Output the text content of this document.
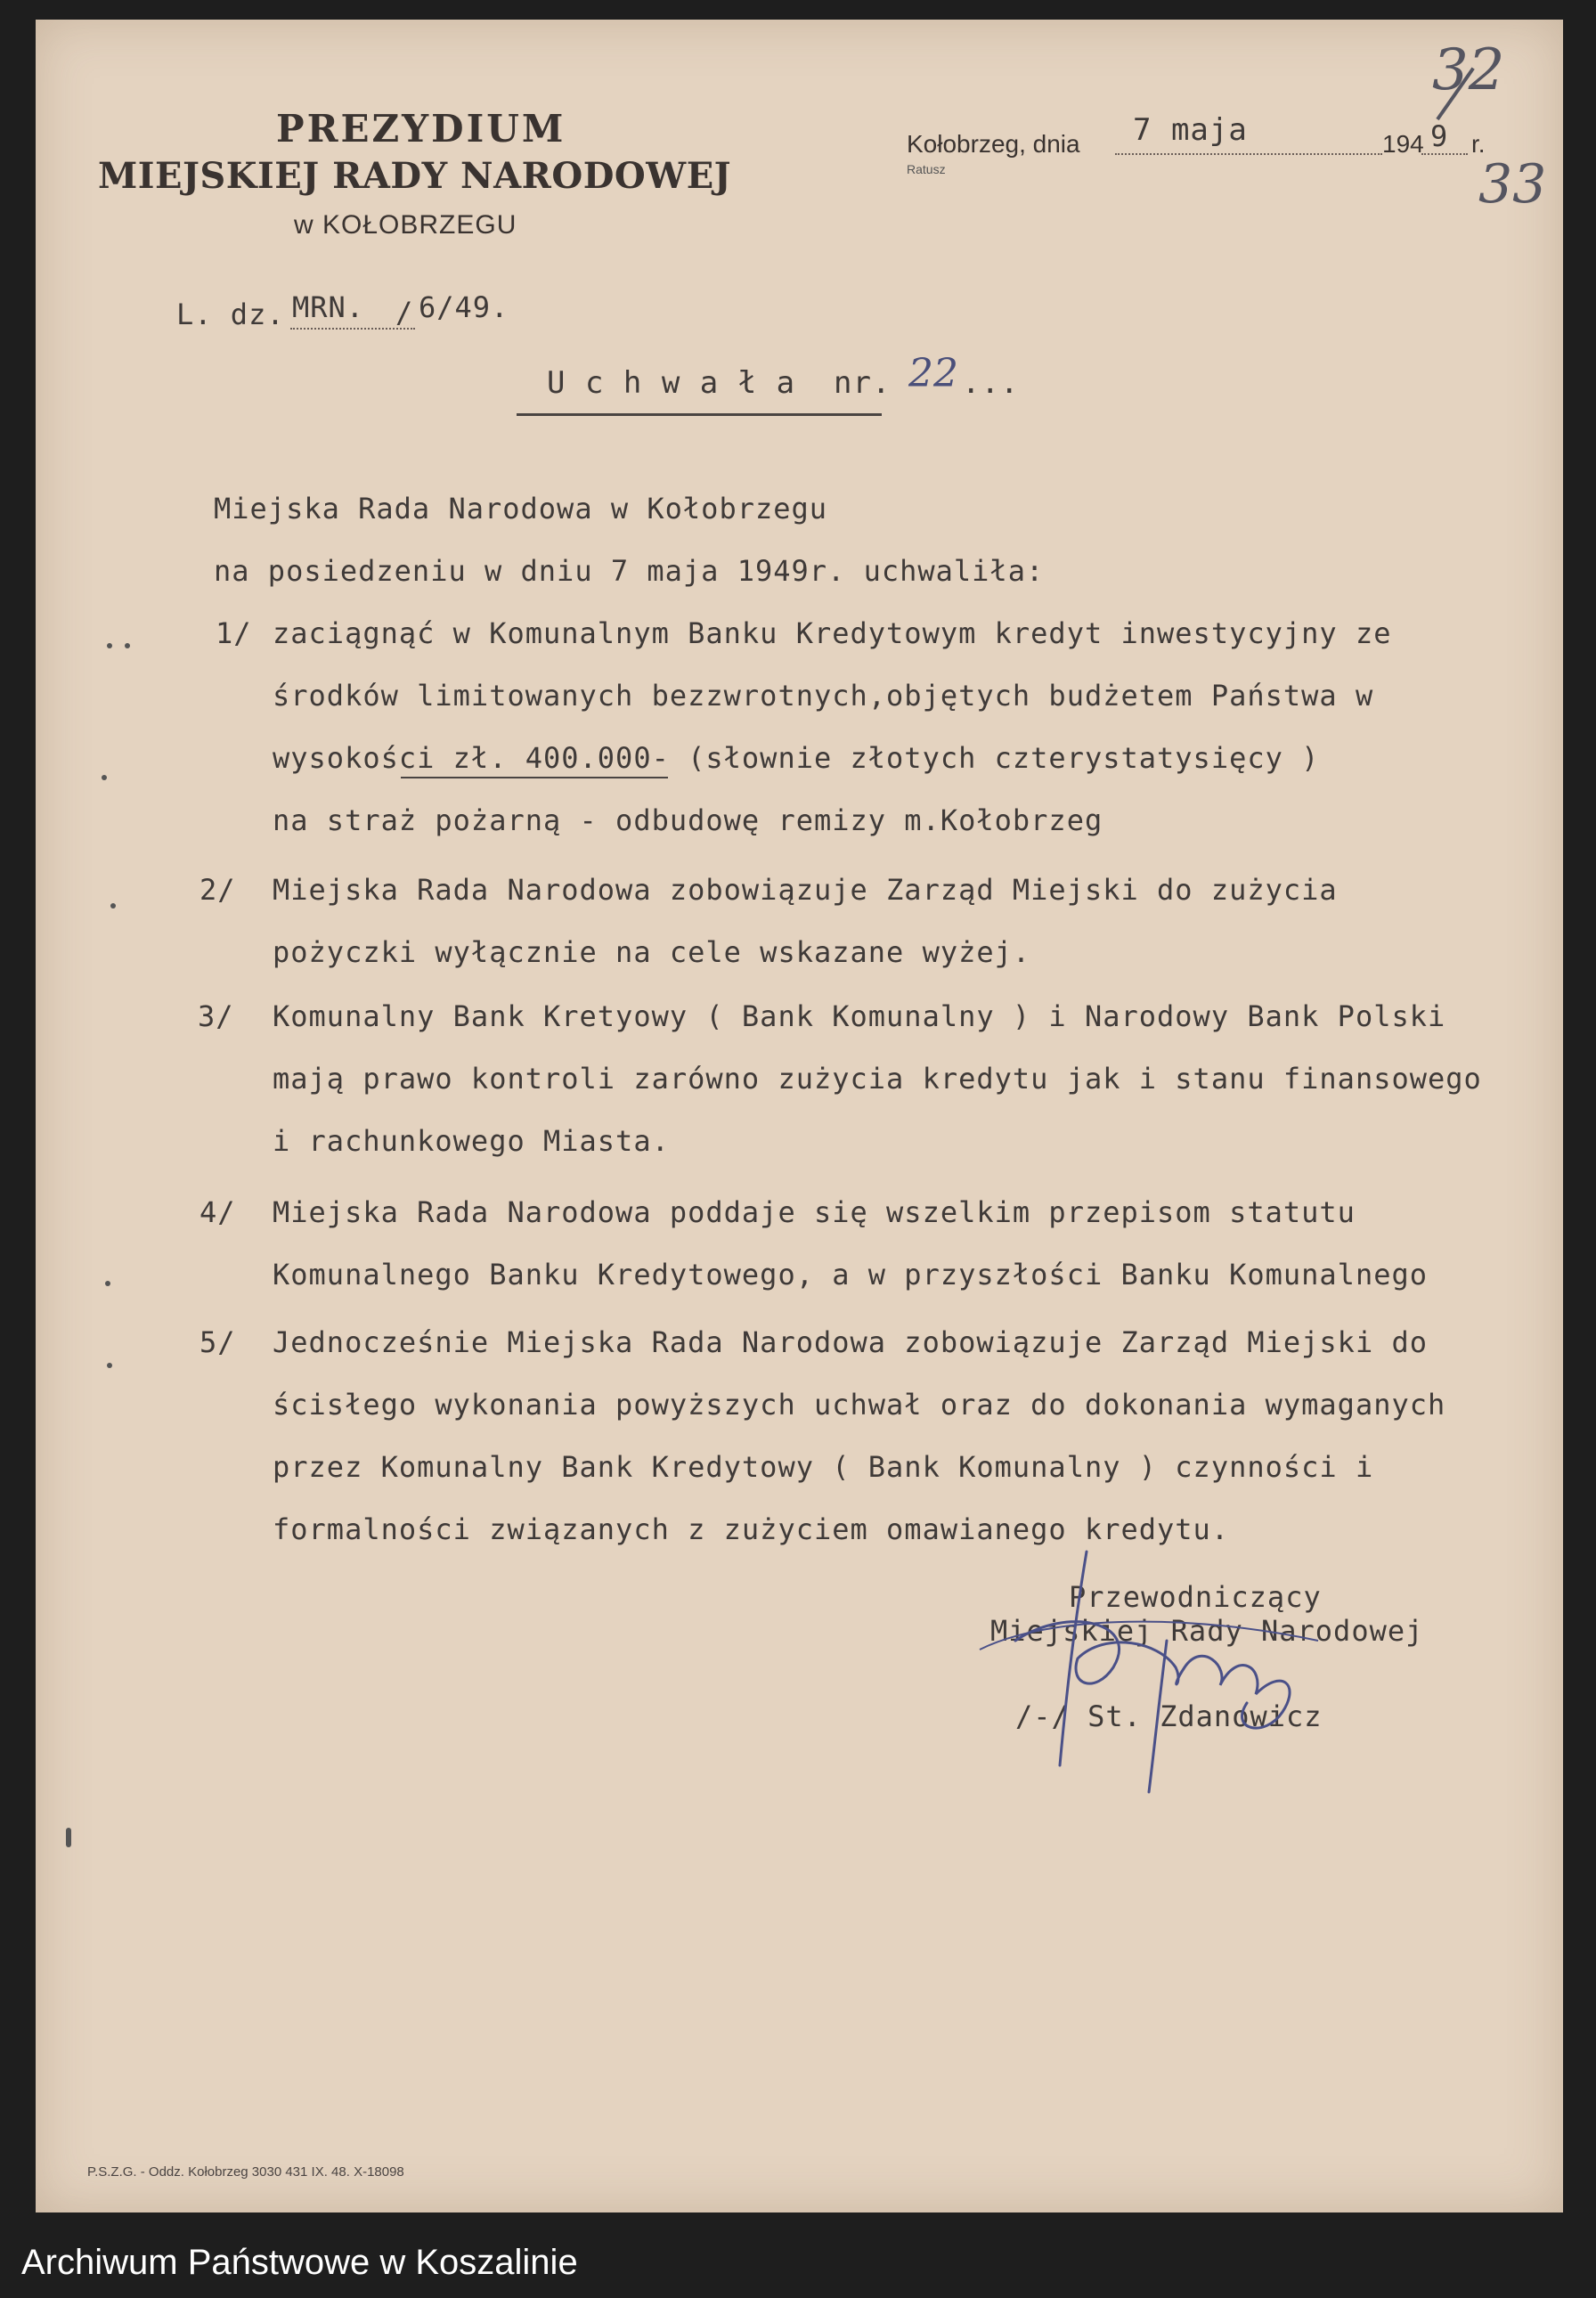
PREZYDIUM
MIEJSKIEJ RADY NARODOWEJ
w KOŁOBRZEGU
Kołobrzeg, dnia 7 maja	194 9 r.
Ratusz
32
33
L. dz. MRN. / 6/49.
U c h w a ł a  nr. 22 ...
Miejska Rada Narodowa w Kołobrzegu
na posiedzeniu w dniu 7 maja 1949r. uchwaliła:
1/ zaciągnąć w Komunalnym Banku Kredytowym kredyt inwestycyjny ze
środków limitowanych bezzwrotnych,objętych budżetem Państwa w
wysokości zł. 400.000- (słownie złotych czterystatysięcy )
na straż pożarną - odbudowę remizy m.Kołobrzeg
2/ Miejska Rada Narodowa zobowiązuje Zarząd Miejski do zużycia
pożyczki wyłącznie na cele wskazane wyżej.
3/ Komunalny Bank Kretyowy ( Bank Komunalny ) i Narodowy Bank Polski
mają prawo kontroli zarówno zużycia kredytu jak i stanu finansowego
i rachunkowego Miasta.
4/ Miejska Rada Narodowa poddaje się wszelkim przepisom statutu
Komunalnego Banku Kredytowego, a w przyszłości Banku Komunalnego
5/ Jednocześnie Miejska Rada Narodowa zobowiązuje Zarząd Miejski do
ścisłego wykonania powyższych uchwał oraz do dokonania wymaganych
przez Komunalny Bank Kredytowy ( Bank Komunalny ) czynności i
formalności związanych z zużyciem omawianego kredytu.
Przewodniczący
Miejskiej Rady Narodowej
/-/ St. Zdanowicz
P.S.Z.G. - Oddz. Kołobrzeg 3030 431 IX. 48. X-18098
Archiwum Państwowe w Koszalinie
